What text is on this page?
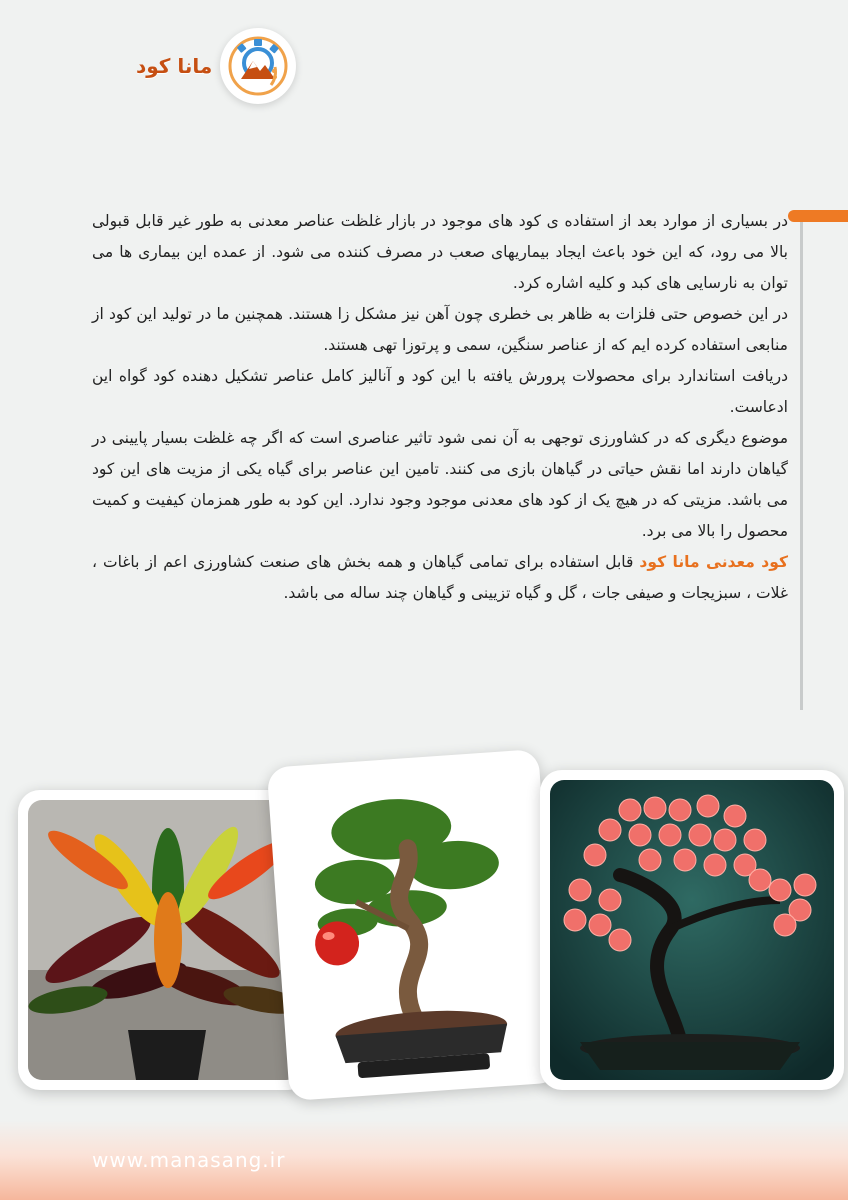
مانا کود

در بسیاری از موارد بعد از استفاده ی کود های موجود در بازار غلظت عناصر معدنی به طور غیر قابل قبولی بالا می رود، که این خود باعث ایجاد بیماریهای صعب در مصرف کننده می شود. از عمده این بیماری ها می توان به نارسایی های کبد و کلیه اشاره کرد.

در این خصوص حتی فلزات به ظاهر بی خطری چون آهن نیز مشکل زا هستند. همچنین ما در تولید این کود از منابعی استفاده کرده ایم که از عناصر سنگین، سمی و پرتوزا تهی هستند.

دریافت استاندارد برای محصولات پرورش یافته با این کود و آنالیز کامل عناصر تشکیل دهنده کود گواه این ادعاست.

موضوع دیگری که در کشاورزی توجهی به آن نمی شود تاثیر عناصری است که اگر چه غلظت بسیار پایینی در گیاهان دارند اما نقش حیاتی در گیاهان بازی می کنند. تامین این عناصر برای گیاه یکی از مزیت های این کود می باشد. مزیتی که در هیچ یک از کود های معدنی موجود وجود ندارد. این کود به طور همزمان کیفیت و کمیت محصول را بالا می برد.

کود معدنی مانا کود قابل استفاده برای تمامی گیاهان و همه بخش های صنعت کشاورزی اعم از باغات ، غلات ، سبزیجات و صیفی جات ، گل و گیاه تزیینی و گیاهان چند ساله می باشد.

www.manasang.ir
